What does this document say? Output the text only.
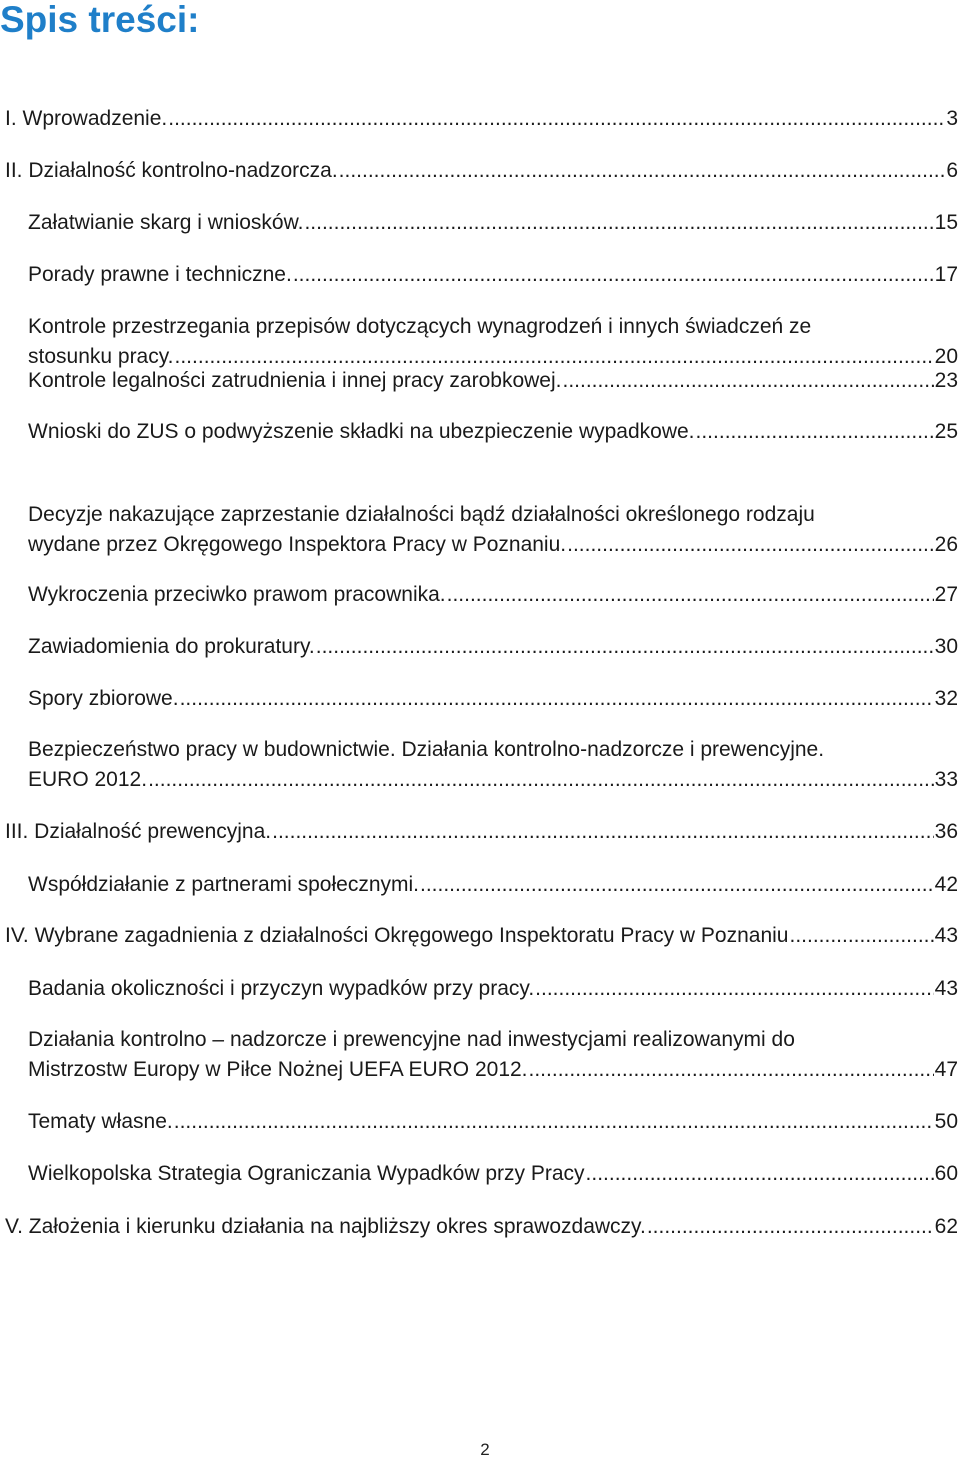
Spis treści:
I. Wprowadzenie. .....	3
II. Działalność kontrolno-nadzorcza. .....	6
Załatwianie skarg i wniosków. .....	15
Porady prawne i techniczne. .....	17
Kontrole przestrzegania przepisów dotyczących wynagrodzeń i innych świadczeń ze
stosunku pracy. .....	20
Kontrole legalności zatrudnienia i innej pracy zarobkowej. .....	23
Wnioski do ZUS o podwyższenie składki na ubezpieczenie wypadkowe. .....	25
Decyzje nakazujące zaprzestanie działalności bądź działalności określonego rodzaju
wydane przez Okręgowego Inspektora Pracy w Poznaniu. .....	26
Wykroczenia przeciwko prawom pracownika. .....	27
Zawiadomienia do prokuratury. .....	30
Spory zbiorowe. .....	32
Bezpieczeństwo pracy w budownictwie. Działania kontrolno-nadzorcze i prewencyjne.
EURO 2012. .....	33
III. Działalność prewencyjna. .....	36
Współdziałanie z partnerami społecznymi. .....	42
IV. Wybrane zagadnienia z działalności Okręgowego Inspektoratu Pracy w Poznaniu .....	43
Badania okoliczności i przyczyn wypadków przy pracy. .....	43
Działania kontrolno – nadzorcze i prewencyjne nad inwestycjami realizowanymi do
Mistrzostw Europy w Piłce Nożnej UEFA EURO 2012. .....	47
Tematy własne. .....	50
Wielkopolska Strategia Ograniczania Wypadków przy Pracy .....	60
V. Założenia i kierunku działania na najbliższy okres sprawozdawczy. .....	62
2
